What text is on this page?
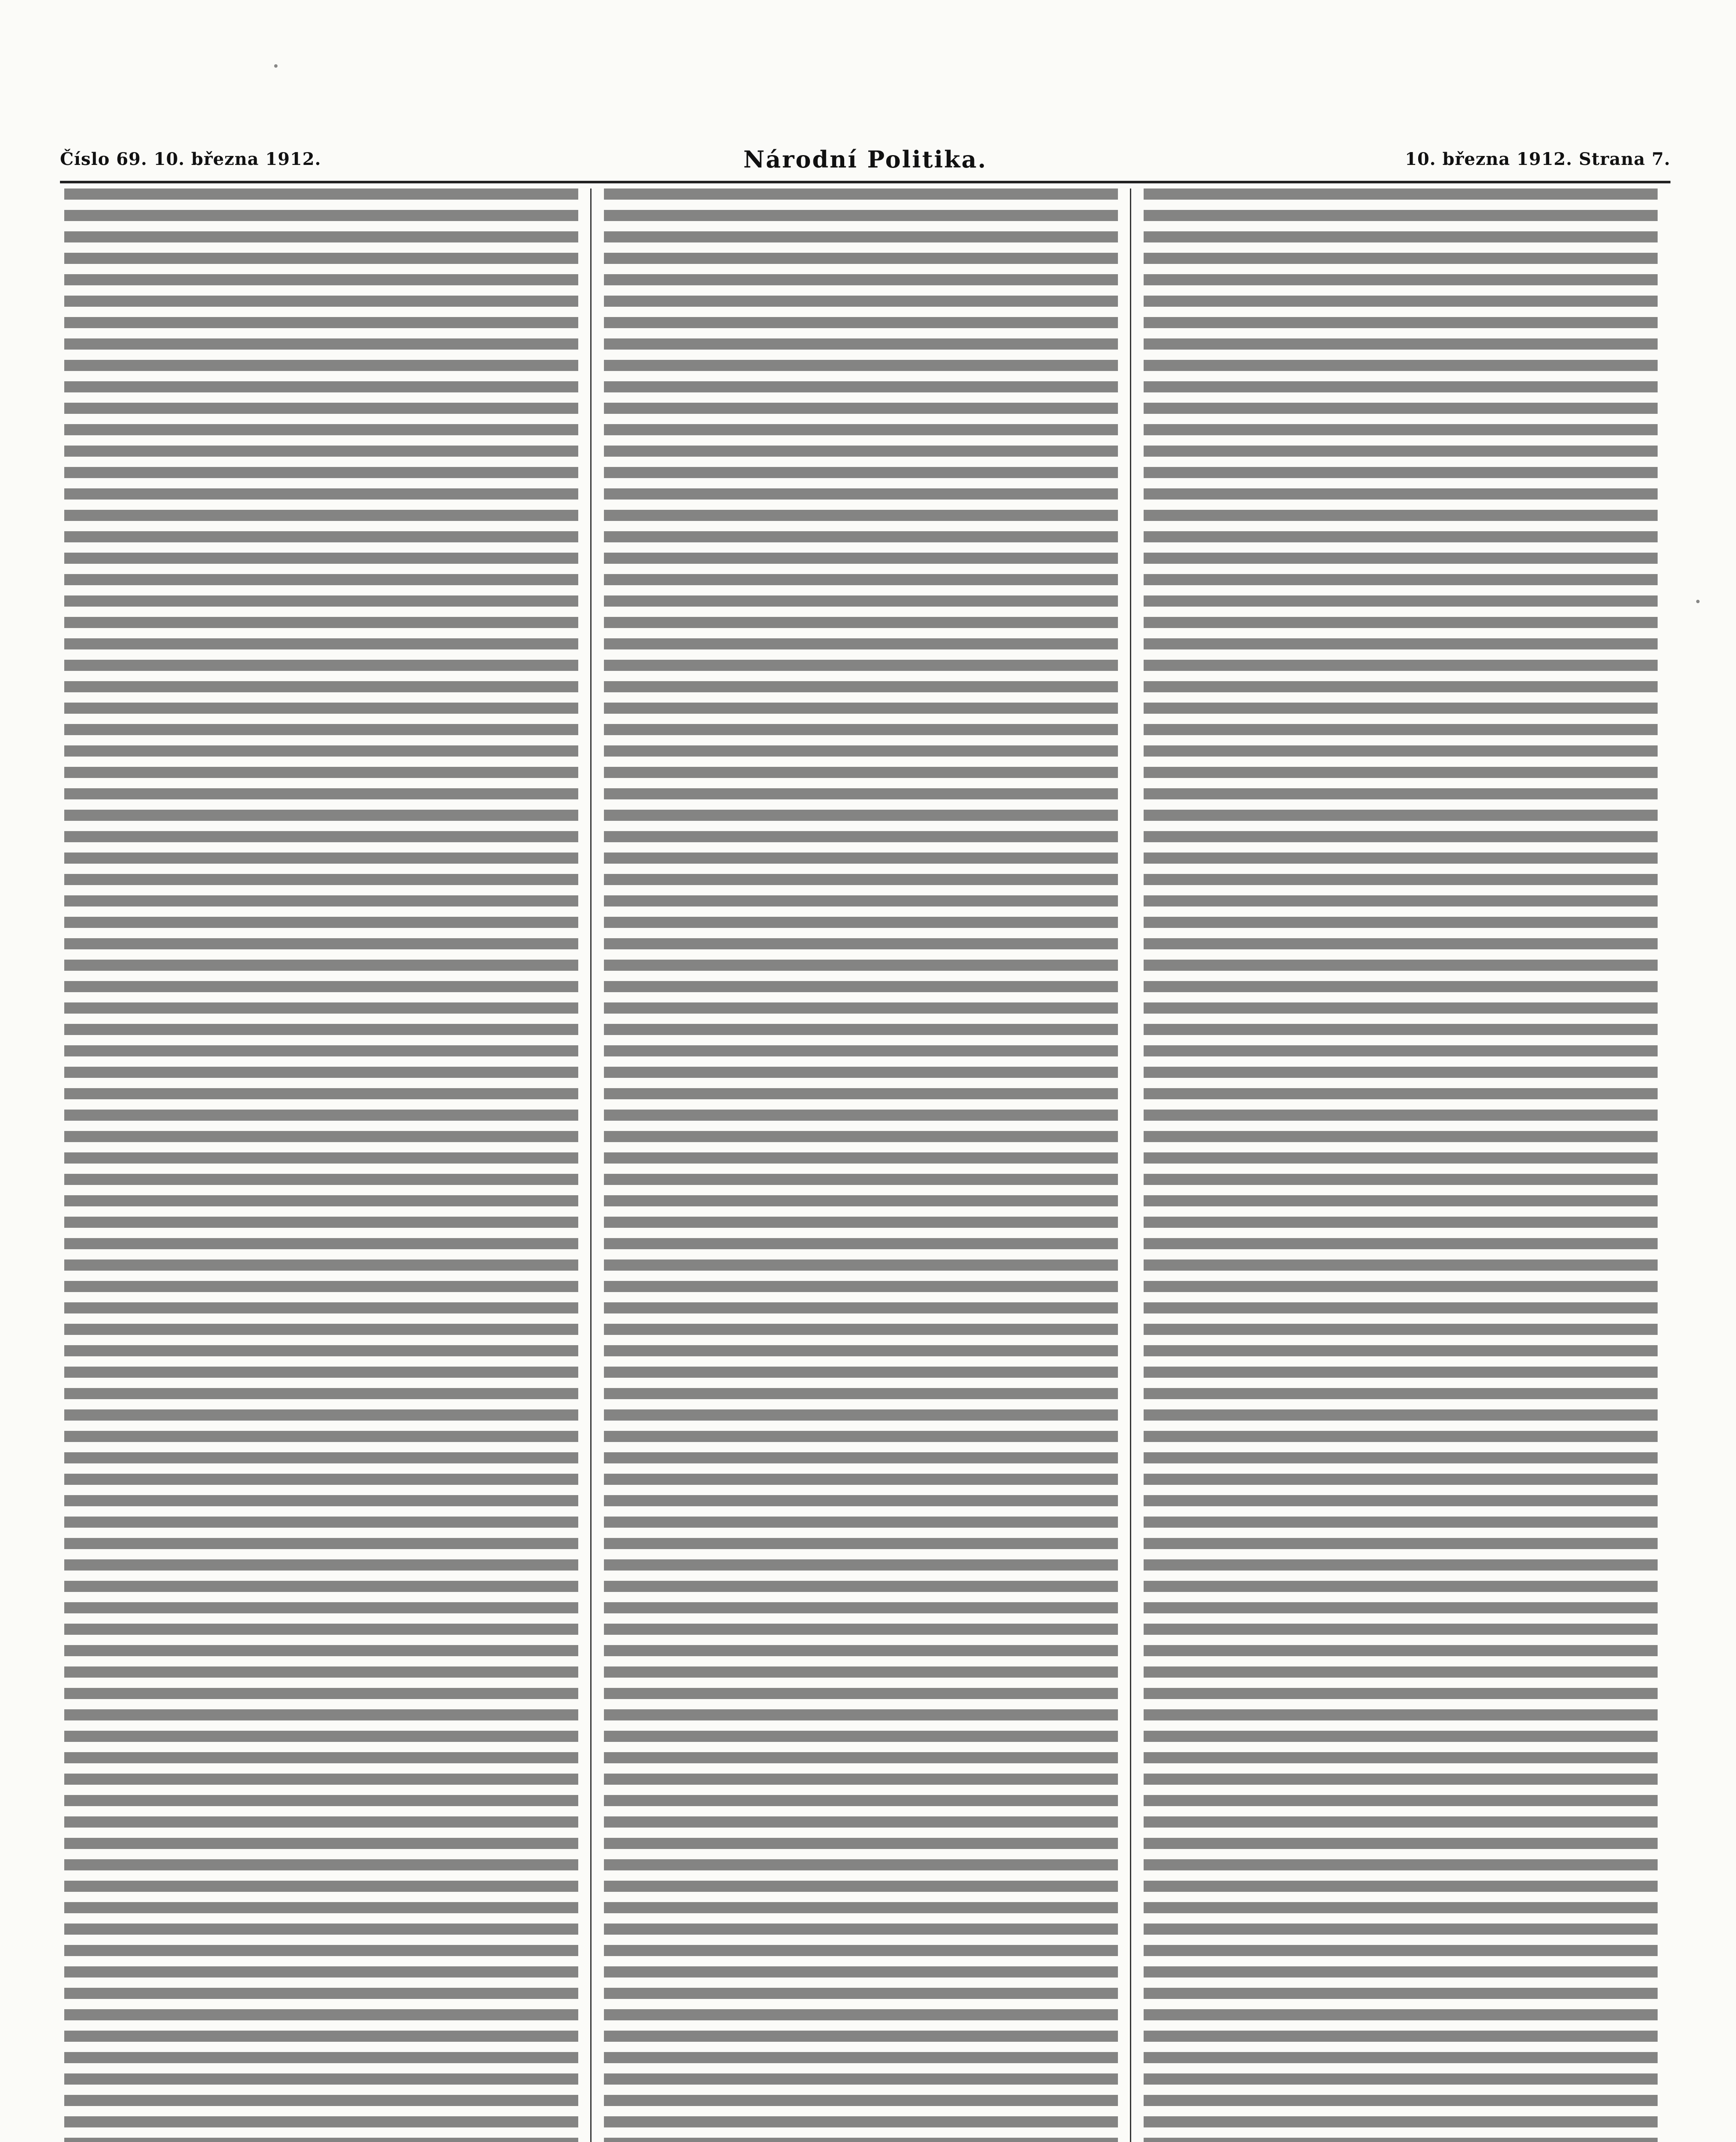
Číslo 69. 10. března 1912.	Národní Politika.	10. března 1912. Strana 7.
